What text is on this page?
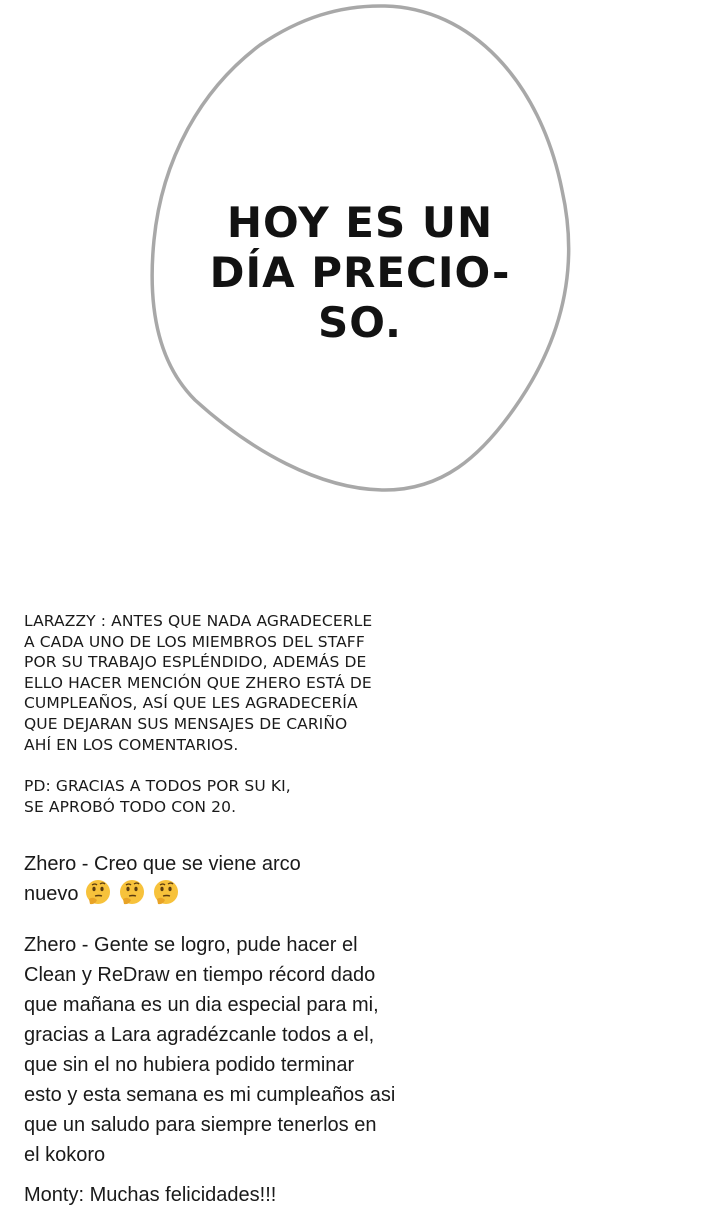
HOY ES UN
DÍA PRECIO-
SO.
LARAZZY : ANTES QUE NADA AGRADECERLE
A CADA UNO DE LOS MIEMBROS DEL STAFF
POR SU TRABAJO ESPLÉNDIDO, ADEMÁS DE
ELLO HACER MENCIÓN QUE ZHERO ESTÁ DE
CUMPLEAÑOS, ASÍ QUE LES AGRADECERÍA
QUE DEJARAN SUS MENSAJES DE CARIÑO
AHÍ EN LOS COMENTARIOS.
PD: GRACIAS A TODOS POR SU KI,
SE APROBÓ TODO CON 20.
Zhero - Creo que se viene arco
nuevo
Zhero - Gente se logro, pude hacer el
Clean y ReDraw en tiempo récord dado
que mañana es un dia especial para mi,
gracias a Lara agradézcanle todos a el,
que sin el no hubiera podido terminar
esto y esta semana es mi cumpleaños asi
que un saludo para siempre tenerlos en
el kokoro
Monty: Muchas felicidades!!!
